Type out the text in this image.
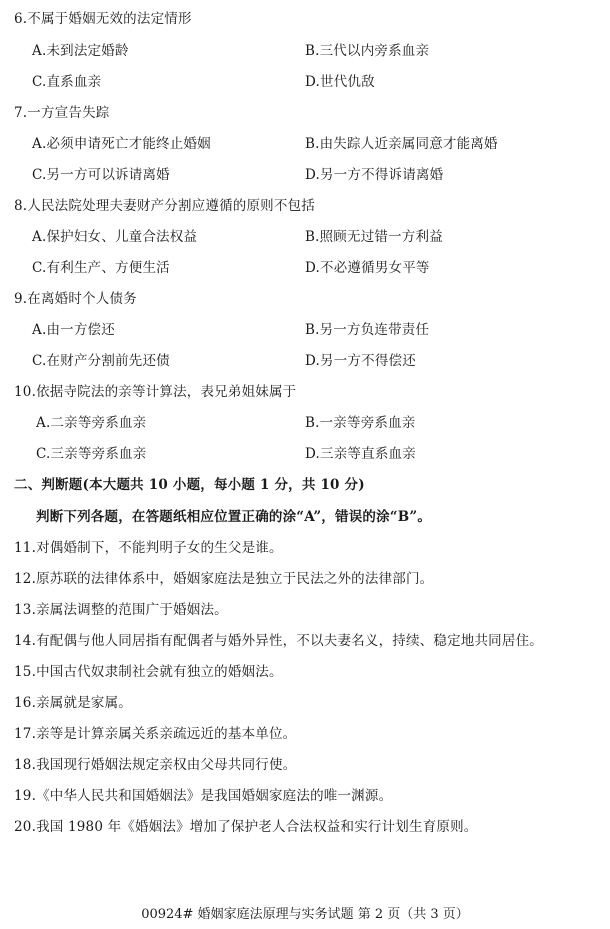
6.不属于婚姻无效的法定情形
A.未到法定婚龄	B.三代以内旁系血亲
C.直系血亲	D.世代仇敌
7.一方宣告失踪
A.必须申请死亡才能终止婚姻	B.由失踪人近亲属同意才能离婚
C.另一方可以诉请离婚	D.另一方不得诉请离婚
8.人民法院处理夫妻财产分割应遵循的原则不包括
A.保护妇女、儿童合法权益	B.照顾无过错一方利益
C.有利生产、方便生活	D.不必遵循男女平等
9.在离婚时个人债务
A.由一方偿还	B.另一方负连带责任
C.在财产分割前先还债	D.另一方不得偿还
10.依据寺院法的亲等计算法，表兄弟姐妹属于
A.二亲等旁系血亲	B.一亲等旁系血亲
C.三亲等旁系血亲	D.三亲等直系血亲
二、判断题(本大题共 10 小题，每小题 1 分，共 10 分)
判断下列各题，在答题纸相应位置正确的涂“A”，错误的涂“B”。
11.对偶婚制下，不能判明子女的生父是谁。
12.原苏联的法律体系中，婚姻家庭法是独立于民法之外的法律部门。
13.亲属法调整的范围广于婚姻法。
14.有配偶与他人同居指有配偶者与婚外异性，不以夫妻名义，持续、稳定地共同居住。
15.中国古代奴隶制社会就有独立的婚姻法。
16.亲属就是家属。
17.亲等是计算亲属关系亲疏远近的基本单位。
18.我国现行婚姻法规定亲权由父母共同行使。
19.《中华人民共和国婚姻法》是我国婚姻家庭法的唯一渊源。
20.我国 1980 年《婚姻法》增加了保护老人合法权益和实行计划生育原则。
00924# 婚姻家庭法原理与实务试题 第 2 页（共 3 页）
